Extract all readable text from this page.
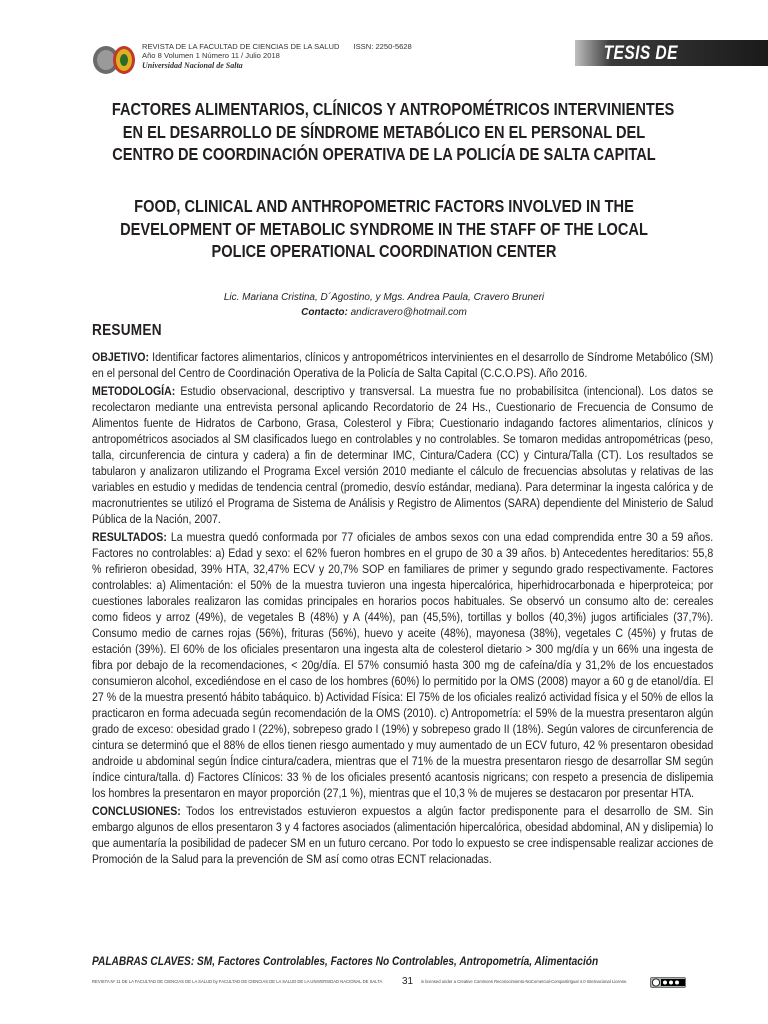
REVISTA DE LA FACULTAD DE CIENCIAS DE LA SALUD ISSN: 2250-5628
Año 8 Volumen 1 Número 11 / Julio 2018
Universidad Nacional de Salta
TESIS DE GRADO
FACTORES ALIMENTARIOS, CLÍNICOS Y ANTROPOMÉTRICOS INTERVINIENTES
EN EL DESARROLLO DE SÍNDROME METABÓLICO EN EL PERSONAL DEL
CENTRO DE COORDINACIÓN OPERATIVA DE LA POLICÍA DE SALTA CAPITAL
FOOD, CLINICAL AND ANTHROPOMETRIC FACTORS INVOLVED IN THE
DEVELOPMENT OF METABOLIC SYNDROME IN THE STAFF OF THE LOCAL
POLICE OPERATIONAL COORDINATION CENTER
Lic. Mariana Cristina, D´Agostino, y Mgs. Andrea Paula, Cravero Bruneri
Contacto: andicravero@hotmail.com
RESUMEN

OBJETIVO: Identificar factores alimentarios, clínicos y antropométricos intervinientes en el desarrollo de Síndrome Metabólico (SM) en el personal del Centro de Coordinación Operativa de la Policía de Salta Capital (C.C.O.PS). Año 2016.

METODOLOGÍA: Estudio observacional, descriptivo y transversal. La muestra fue no probabilísitca (intencional). Los datos se recolectaron mediante una entrevista personal aplicando Recordatorio de 24 Hs., Cuestionario de Frecuencia de Consumo de Alimentos fuente de Hidratos de Carbono, Grasa, Colesterol y Fibra; Cuestionario indagando factores alimentarios, clínicos y antropométricos asociados al SM clasificados luego en controlables y no controlables. Se tomaron medidas antropométricas (peso, talla, circunferencia de cintura y cadera) a fin de determinar IMC, Cintura/Cadera (CC) y Cintura/Talla (CT). Los resultados se tabularon y analizaron utilizando el Programa Excel versión 2010 mediante el cálculo de frecuencias absolutas y relativas de las variables en estudio y medidas de tendencia central (promedio, desvío estándar, mediana). Para determinar la ingesta calórica y de macronutrientes se utilizó el Programa de Sistema de Análisis y Registro de Alimentos (SARA) dependiente del Ministerio de Salud Pública de la Nación, 2007.

RESULTADOS: La muestra quedó conformada por 77 oficiales de ambos sexos con una edad comprendida entre 30 a 59 años. Factores no controlables: a) Edad y sexo: el 62% fueron hombres en el grupo de 30 a 39 años. b) Antecedentes hereditarios: 55,8 % refirieron obesidad, 39% HTA, 32,47% ECV y 20,7% SOP en familiares de primer y segundo grado respectivamente. Factores controlables: a) Alimentación: el 50% de la muestra tuvieron una ingesta hipercalórica, hiperhidrocarbonada e hiperproteica; por cuestiones laborales realizaron las comidas principales en horarios pocos habituales. Se observó un consumo alto de: cereales como fideos y arroz (49%), de vegetales B (48%) y A (44%), pan (45,5%), tortillas y bollos (40,3%) jugos artificiales (37,7%). Consumo medio de carnes rojas (56%), frituras (56%), huevo y aceite (48%), mayonesa (38%), vegetales C (45%) y frutas de estación (39%). El 60% de los oficiales presentaron una ingesta alta de colesterol dietario > 300 mg/día y un 66% una ingesta de fibra por debajo de la recomendaciones, < 20g/día. El 57% consumió hasta 300 mg de cafeína/día y 31,2% de los encuestados consumieron alcohol, excediéndose en el caso de los hombres (60%) lo permitido por la OMS (2008) mayor a 60 g de etanol/día. El 27 % de la muestra presentó hábito tabáquico. b) Actividad Física: El 75% de los oficiales realizó actividad física y el 50% de ellos la practicaron en forma adecuada según recomendación de la OMS (2010). c) Antropometría: el 59% de la muestra presentaron algún grado de exceso: obesidad grado I (22%), sobrepeso grado I (19%) y sobrepeso grado II (18%). Según valores de circunferencia de cintura se determinó que el 88% de ellos tienen riesgo aumentado y muy aumentado de un ECV futuro, 42 % presentaron obesidad androide u abdominal según Índice cintura/cadera, mientras que el 71% de la muestra presentaron riesgo de desarrollar SM según índice cintura/talla. d) Factores Clínicos: 33 % de los oficiales presentó acantosis nigricans; con respeto a presencia de dislipemia los hombres la presentaron en mayor proporción (27,1 %), mientras que el 10,3 % de mujeres se destacaron por presentar HTA.

CONCLUSIONES: Todos los entrevistados estuvieron expuestos a algún factor predisponente para el desarrollo de SM. Sin embargo algunos de ellos presentaron 3 y 4 factores asociados (alimentación hipercalórica, obesidad abdominal, AN y dislipemia) lo que aumentaría la posibilidad de padecer SM en un futuro cercano. Por todo lo expuesto se cree indispensable realizar acciones de Promoción de la Salud para la prevención de SM así como otras ECNT relacionadas.

PALABRAS CLAVES: SM, Factores Controlables, Factores No Controlables, Antropometría, Alimentación
REVISTA Nº 11 DE LA FACULTAD DE CIENCIAS DE LA SALUD by FACULTAD DE CIENCIAS DE LA SALUD DE LA UNIVERSIDAD NACIONAL DE SALTA 31 is licensed under a Creative Commons Reconocimiento-NoComercial-CompartirIgual 4.0 Internacional License.
